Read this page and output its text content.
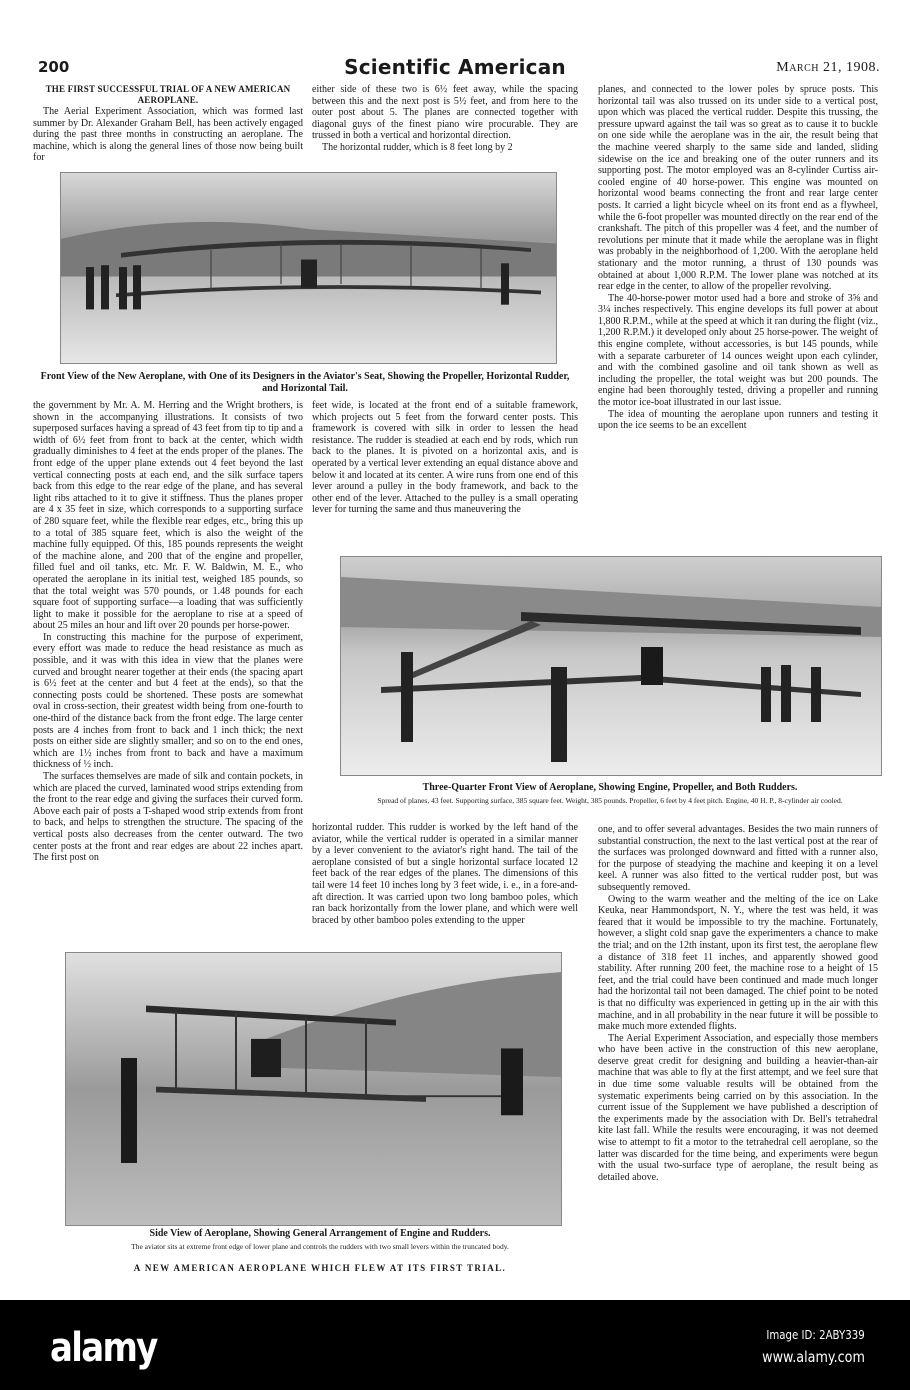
200	Scientific American	March 21, 1908.
THE FIRST SUCCESSFUL TRIAL OF A NEW AMERICAN AEROPLANE.

The Aerial Experiment Association, which was formed last summer by Dr. Alexander Graham Bell, has been actively engaged during the past three months in constructing an aeroplane. The machine, which is along the general lines of those now being built for

either side of these two is 6½ feet away, while the spacing between this and the next post is 5½ feet, and from here to the outer post about 5. The planes are connected together with diagonal guys of the finest piano wire procurable. They are trussed in both a vertical and horizontal direction.

The horizontal rudder, which is 8 feet long by 2

Front View of the New Aeroplane, with One of its Designers in the Aviator's Seat, Showing the Propeller, Horizontal Rudder, and Horizontal Tail.

the government by Mr. A. M. Herring and the Wright brothers, is shown in the accompanying illustrations. It consists of two superposed surfaces having a spread of 43 feet from tip to tip and a width of 6½ feet from front to back at the center, which width gradually diminishes to 4 feet at the ends proper of the planes. The front edge of the upper plane extends out 4 feet beyond the last vertical connecting posts at each end, and the silk surface tapers back from this edge to the rear edge of the plane, and has several light ribs attached to it to give it stiffness. Thus the planes proper are 4 x 35 feet in size, which corresponds to a supporting surface of 280 square feet, while the flexible rear edges, etc., bring this up to a total of 385 square feet, which is also the weight of the machine fully equipped. Of this, 185 pounds represents the weight of the machine alone, and 200 that of the engine and propeller, filled fuel and oil tanks, etc. Mr. F. W. Baldwin, M. E., who operated the aeroplane in its initial test, weighed 185 pounds, so that the total weight was 570 pounds, or 1.48 pounds for each square foot of supporting surface—a loading that was sufficiently light to make it possible for the aeroplane to rise at a speed of about 25 miles an hour and lift over 20 pounds per horse-power.

In constructing this machine for the purpose of experiment, every effort was made to reduce the head resistance as much as possible, and it was with this idea in view that the planes were curved and brought nearer together at their ends (the spacing apart is 6½ feet at the center and but 4 feet at the ends), so that the connecting posts could be shortened. These posts are somewhat oval in cross-section, their greatest width being from one-fourth to one-third of the distance back from the front edge. The large center posts are 4 inches from front to back and 1 inch thick; the next posts on either side are slightly smaller; and so on to the end ones, which are 1½ inches from front to back and have a maximum thickness of ½ inch.

The surfaces themselves are made of silk and contain pockets, in which are placed the curved, laminated wood strips extending from the front to the rear edge and giving the surfaces their curved form. Above each pair of posts a T-shaped wood strip extends from front to back, and helps to strengthen the structure. The spacing of the vertical posts also decreases from the center outward. The two center posts at the front and rear edges are about 22 inches apart. The first post on

feet wide, is located at the front end of a suitable framework, which projects out 5 feet from the forward center posts. This framework is covered with silk in order to lessen the head resistance. The rudder is steadied at each end by rods, which run back to the planes. It is pivoted on a horizontal axis, and is operated by a vertical lever extending an equal distance above and below it and located at its center. A wire runs from one end of this lever around a pulley in the body framework, and back to the other end of the lever. Attached to the pulley is a small operating lever for turning the same and thus maneuvering the

planes, and connected to the lower poles by spruce posts. This horizontal tail was also trussed on its under side to a vertical post, upon which was placed the vertical rudder. Despite this trussing, the pressure upward against the tail was so great as to cause it to buckle on one side while the aeroplane was in the air, the result being that the machine veered sharply to the same side and landed, sliding sidewise on the ice and breaking one of the outer runners and its supporting post. The motor employed was an 8-cylinder Curtiss air-cooled engine of 40 horse-power. This engine was mounted on horizontal wood beams connecting the front and rear large center posts. It carried a light bicycle wheel on its front end as a flywheel, while the 6-foot propeller was mounted directly on the rear end of the crankshaft. The pitch of this propeller was 4 feet, and the number of revolutions per minute that it made while the aeroplane was in flight was probably in the neighborhood of 1,200. With the aeroplane held stationary and the motor running, a thrust of 130 pounds was obtained at about 1,000 R.P.M. The lower plane was notched at its rear edge in the center, to allow of the propeller revolving.

The 40-horse-power motor used had a bore and stroke of 3⅝ and 3¼ inches respectively. This engine develops its full power at about 1,800 R.P.M., while at the speed at which it ran during the flight (viz., 1,200 R.P.M.) it developed only about 25 horse-power. The weight of this engine complete, without accessories, is but 145 pounds, while with a separate carbureter of 14 ounces weight upon each cylinder, and with the combined gasoline and oil tank shown as well as including the propeller, the total weight was but 200 pounds. The engine had been thoroughly tested, driving a propeller and running the motor ice-boat illustrated in our last issue.

The idea of mounting the aeroplane upon runners and testing it upon the ice seems to be an excellent

Three-Quarter Front View of Aeroplane, Showing Engine, Propeller, and Both Rudders.
Spread of planes, 43 feet. Supporting surface, 385 square feet. Weight, 385 pounds. Propeller, 6 feet by 4 feet pitch. Engine, 40 H. P., 8-cylinder air cooled.

horizontal rudder. This rudder is worked by the left hand of the aviator, while the vertical rudder is operated in a similar manner by a lever convenient to the aviator's right hand. The tail of the aeroplane consisted of but a single horizontal surface located 12 feet back of the rear edges of the planes. The dimensions of this tail were 14 feet 10 inches long by 3 feet wide, i. e., in a fore-and-aft direction. It was carried upon two long bamboo poles, which ran back horizontally from the lower plane, and which were well braced by other bamboo poles extending to the upper

one, and to offer several advantages. Besides the two main runners of substantial construction, the next to the last vertical post at the rear of the surfaces was prolonged downward and fitted with a runner also, for the purpose of steadying the machine and keeping it on a level keel. A runner was also fitted to the vertical rudder post, but was subsequently removed.

Owing to the warm weather and the melting of the ice on Lake Keuka, near Hammondsport, N. Y., where the test was held, it was feared that it would be impossible to try the machine. Fortunately, however, a slight cold snap gave the experimenters a chance to make the trial; and on the 12th instant, upon its first test, the aeroplane flew a distance of 318 feet 11 inches, and apparently showed good stability. After running 200 feet, the machine rose to a height of 15 feet, and the trial could have been continued and made much longer had the horizontal tail not been damaged. The chief point to be noted is that no difficulty was experienced in getting up in the air with this machine, and in all probability in the near future it will be possible to make much more extended flights.

The Aerial Experiment Association, and especially those members who have been active in the construction of this new aeroplane, deserve great credit for designing and building a heavier-than-air machine that was able to fly at the first attempt, and we feel sure that in due time some valuable results will be obtained from the systematic experiments being carried on by this association. In the current issue of the Supplement we have published a description of the experiments made by the association with Dr. Bell's tetrahedral kite last fall. While the results were encouraging, it was not deemed wise to attempt to fit a motor to the tetrahedral cell aeroplane, so the latter was discarded for the time being, and experiments were begun with the usual two-surface type of aeroplane, the result being as detailed above.

Side View of Aeroplane, Showing General Arrangement of Engine and Rudders.
The aviator sits at extreme front edge of lower plane and controls the rudders with two small levers within the truncated body.
A NEW AMERICAN AEROPLANE WHICH FLEW AT ITS FIRST TRIAL.
alamy	Image ID: 2ABY339
www.alamy.com
